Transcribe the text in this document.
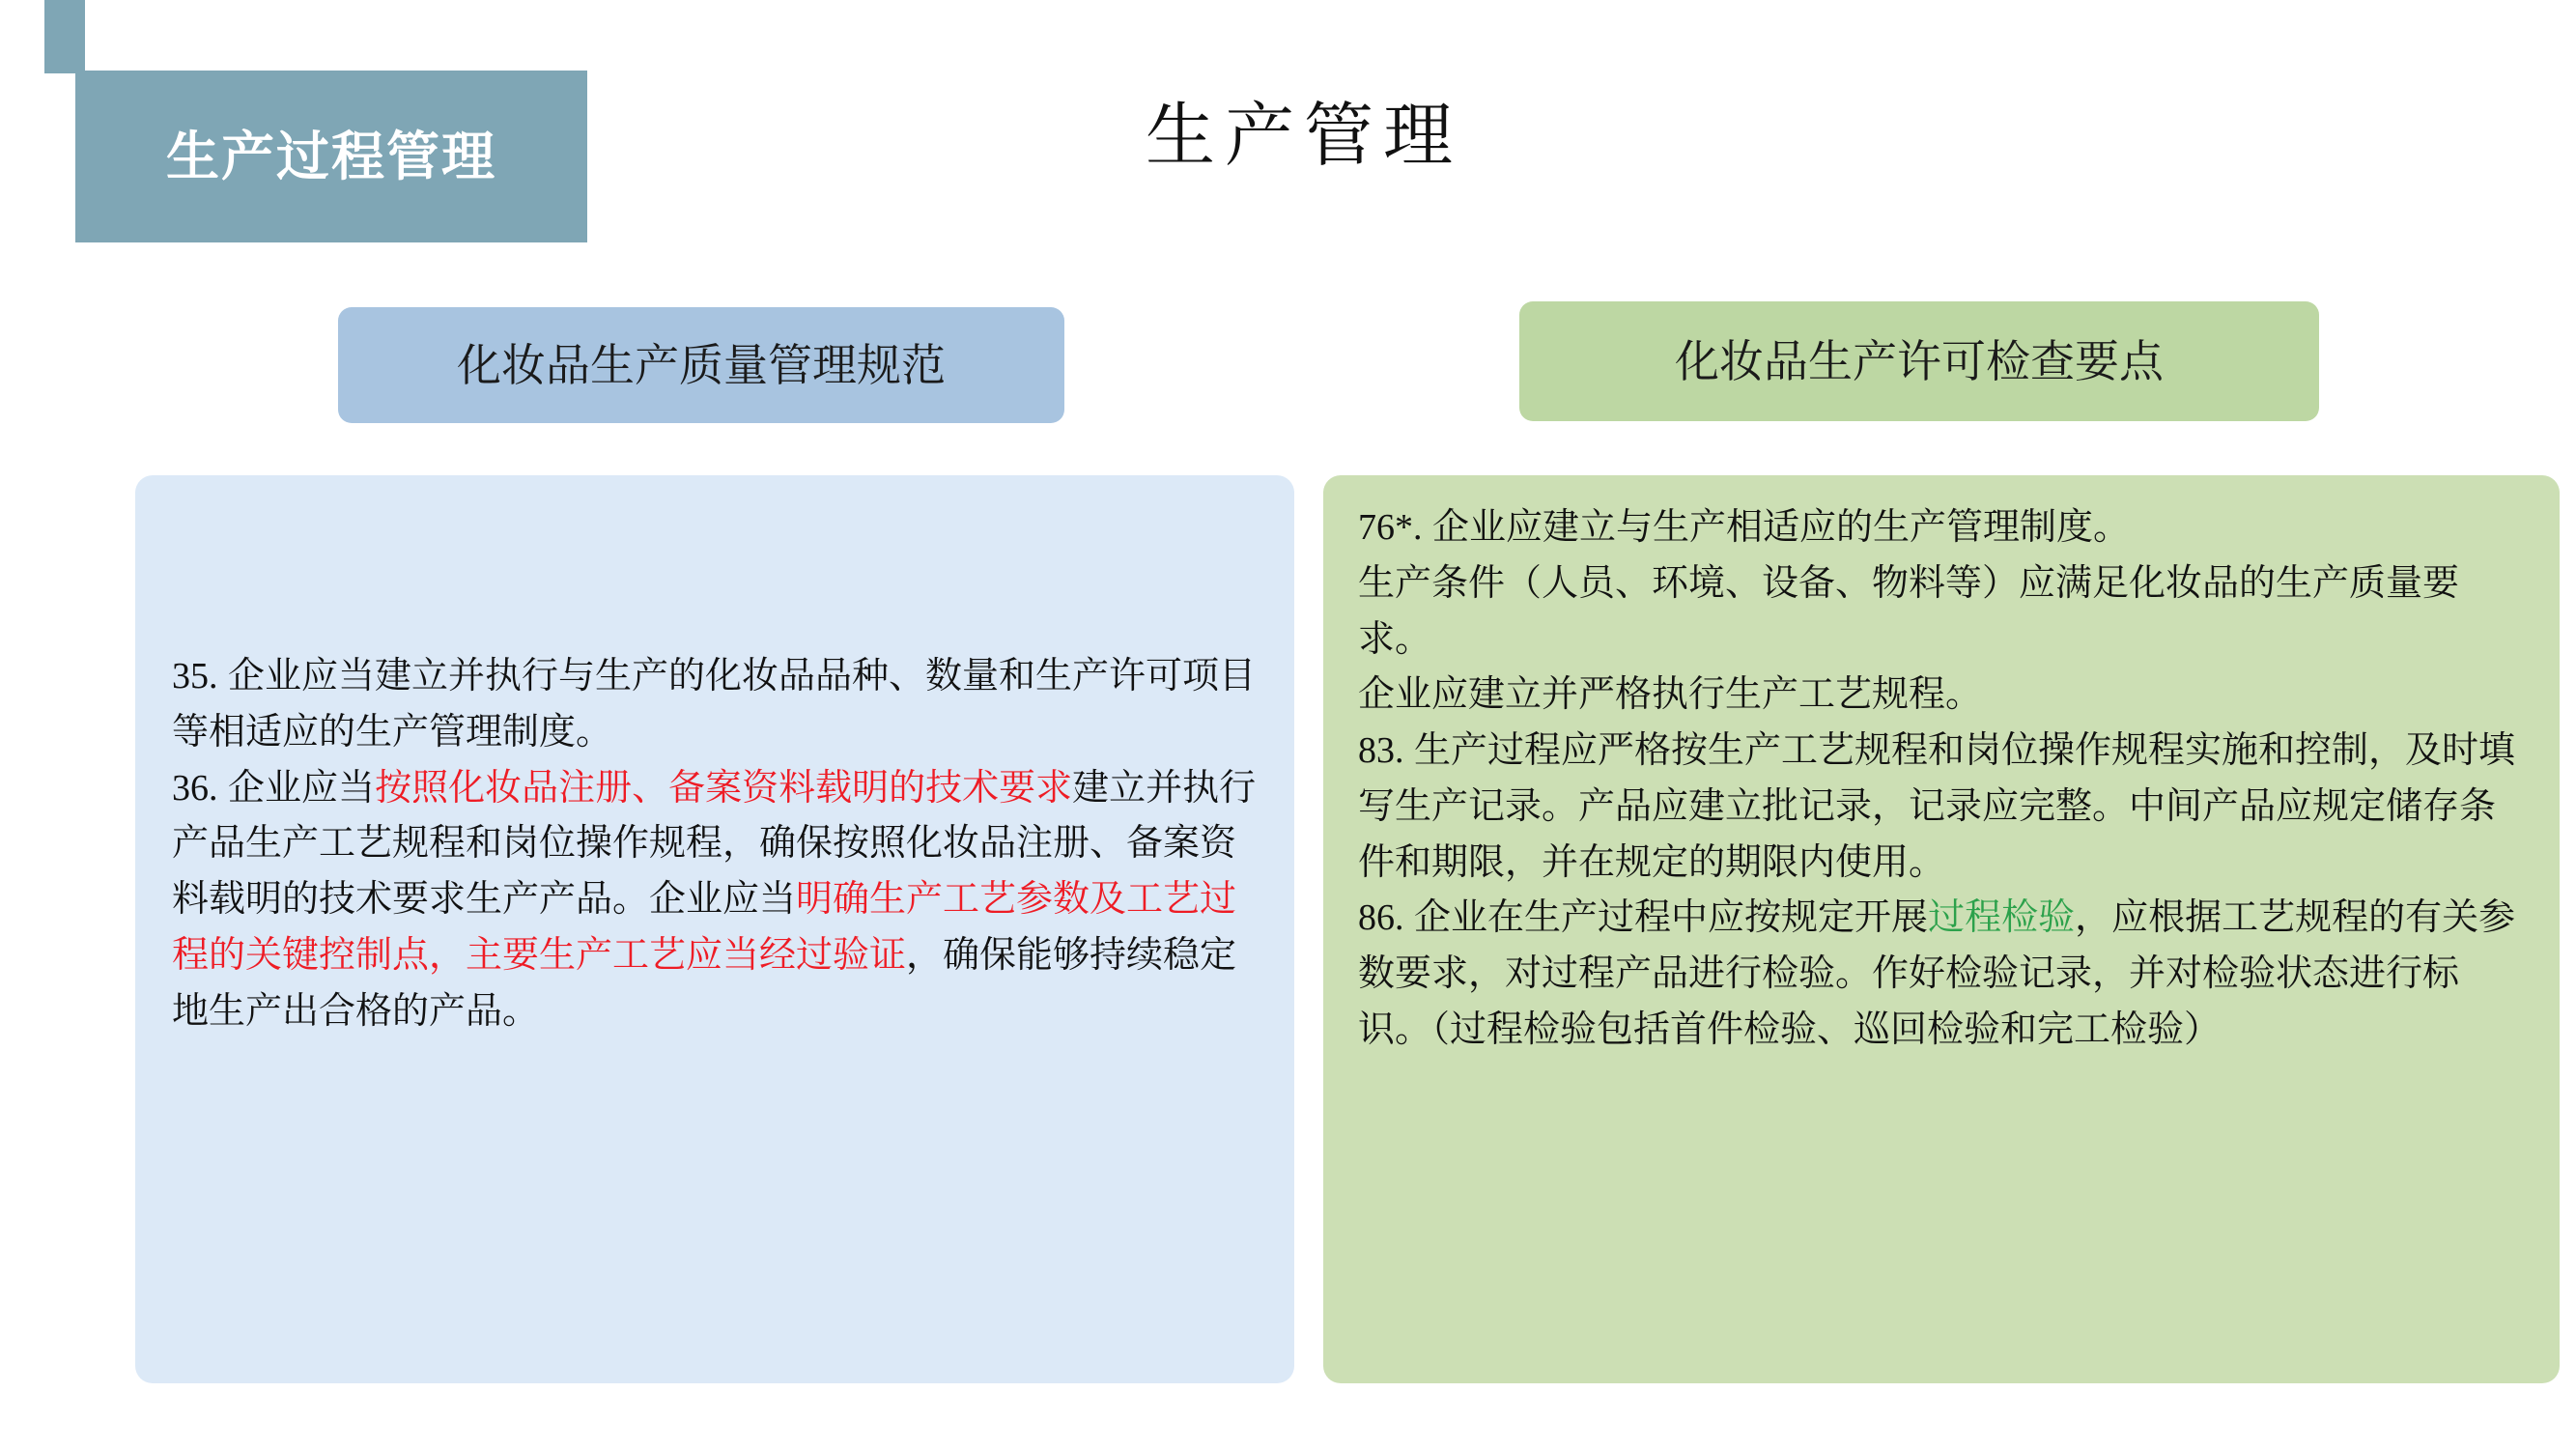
生产过程管理	生产管理
化妆品生产质量管理规范

35. 企业应当建立并执行与生产的化妆品品种、数量和生产许可项目等相适应的生产管理制度。

36. 企业应当按照化妆品注册、备案资料载明的技术要求建立并执行产品生产工艺规程和岗位操作规程，确保按照化妆品注册、备案资料载明的技术要求生产产品。企业应当明确生产工艺参数及工艺过程的关键控制点，主要生产工艺应当经过验证，确保能够持续稳定地生产出合格的产品。

化妆品生产许可检查要点

76*. 企业应建立与生产相适应的生产管理制度。

生产条件（人员、环境、设备、物料等）应满足化妆品的生产质量要求。

企业应建立并严格执行生产工艺规程。

83. 生产过程应严格按生产工艺规程和岗位操作规程实施和控制，及时填写生产记录。产品应建立批记录，记录应完整。中间产品应规定储存条件和期限，并在规定的期限内使用。

86. 企业在生产过程中应按规定开展过程检验，应根据工艺规程的有关参数要求，对过程产品进行检验。作好检验记录，并对检验状态进行标识。（过程检验包括首件检验、巡回检验和完工检验）
